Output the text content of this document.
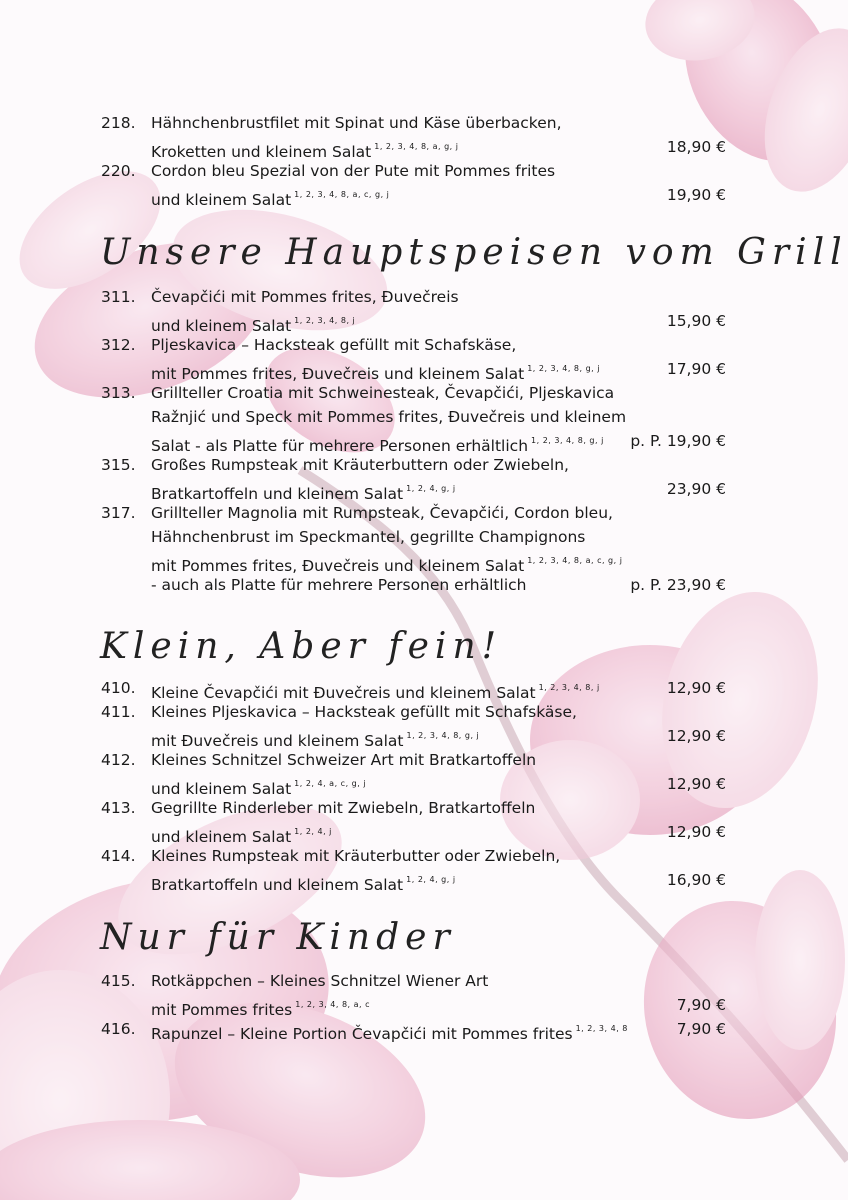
218. Hähnchenbrustfilet mit Spinat und Käse überbacken,
Kroketten und kleinem Salat $^{1, 2, 3, 4, 8, a, g, j}$	18,90 €
220. Cordon bleu Spezial von der Pute mit Pommes frites
und kleinem Salat $^{1, 2, 3, 4, 8, a, c, g, j}$	19,90 €
Unsere Hauptspeisen vom Grill
311. Čevapčići mit Pommes frites, Đuvečreis
und kleinem Salat $^{1, 2, 3, 4, 8, j}$	15,90 €
312. Pljeskavica – Hacksteak gefüllt mit Schafskäse,
mit Pommes frites, Đuvečreis und kleinem Salat $^{1, 2, 3, 4, 8, g, j}$	17,90 €
313. Grillteller Croatia mit Schweinesteak, Čevapčići, Pljeskavica
Ražnjić und Speck mit Pommes frites, Đuvečreis und kleinem
Salat - als Platte für mehrere Personen erhältlich $^{1, 2, 3, 4, 8, g, j}$ p. P. 19,90 €
315. Großes Rumpsteak mit Kräuterbuttern oder Zwiebeln,
Bratkartoffeln und kleinem Salat $^{1, 2, 4, g, j}$	23,90 €
317. Grillteller Magnolia mit Rumpsteak, Čevapčići, Cordon bleu,
Hähnchenbrust im Speckmantel, gegrillte Champignons
mit Pommes frites, Đuvečreis und kleinem Salat $^{1, 2, 3, 4, 8, a, c, g, j}$
- auch als Platte für mehrere Personen erhältlich	p. P. 23,90 €
Klein, Aber fein!
410. Kleine Čevapčići mit Đuvečreis und kleinem Salat $^{1, 2, 3, 4, 8, j}$	12,90 €
411. Kleines Pljeskavica – Hacksteak gefüllt mit Schafskäse,
mit Đuvečreis und kleinem Salat $^{1, 2, 3, 4, 8, g, j}$	12,90 €
412. Kleines Schnitzel Schweizer Art mit Bratkartoffeln
und kleinem Salat $^{1, 2, 4, a, c, g, j}$	12,90 €
413. Gegrillte Rinderleber mit Zwiebeln, Bratkartoffeln
und kleinem Salat $^{1, 2, 4, j}$	12,90 €
414. Kleines Rumpsteak mit Kräuterbutter oder Zwiebeln,
Bratkartoffeln und kleinem Salat $^{1, 2, 4, g, j}$	16,90 €
Nur für Kinder
415. Rotkäppchen – Kleines Schnitzel Wiener Art
mit Pommes frites $^{1, 2, 3, 4, 8, a, c}$	7,90 €
416. Rapunzel – Kleine Portion Čevapčići mit Pommes frites $^{1, 2, 3, 4, 8}$	7,90 €
